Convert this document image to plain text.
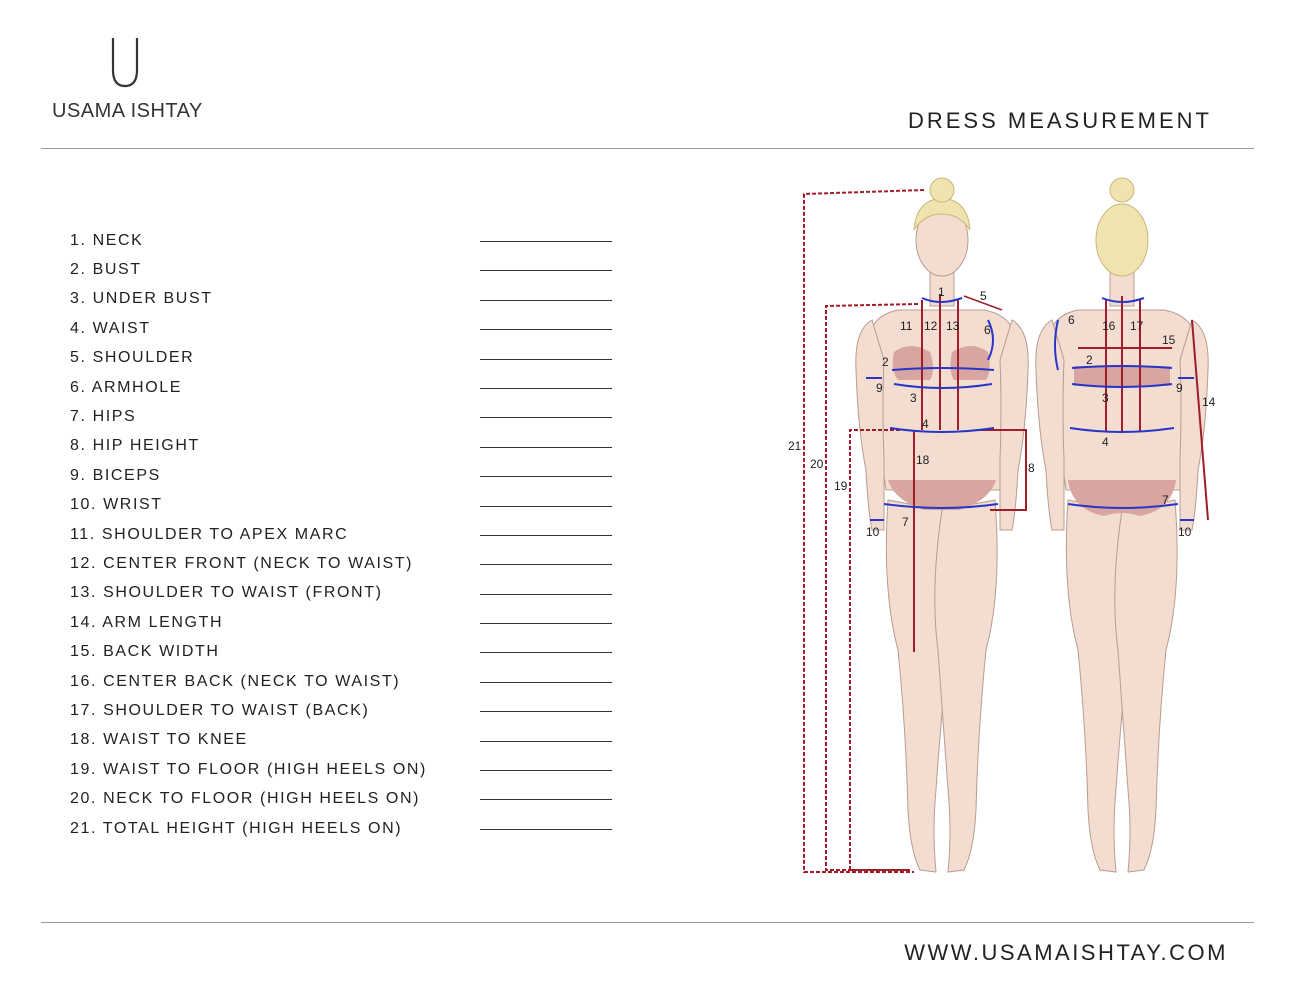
USAMA ISHTAY	DRESS MEASUREMENT
1. NECK
2. BUST
3. UNDER BUST
4. WAIST
5. SHOULDER
6. ARMHOLE
7. HIPS
8. HIP HEIGHT
9. BICEPS
10. WRIST
11. SHOULDER TO APEX MARC
12. CENTER FRONT (NECK TO WAIST)
13. SHOULDER TO WAIST (FRONT)
14. ARM LENGTH
15. BACK WIDTH
16. CENTER BACK (NECK TO WAIST)
17. SHOULDER TO WAIST (BACK)
18. WAIST TO KNEE
19. WAIST TO FLOOR (HIGH HEELS ON)
20. NECK TO FLOOR (HIGH HEELS ON)
21. TOTAL HEIGHT (HIGH HEELS ON)
1
2
3
4
5
6
7
8
9
10
11 12 13
18
19
20
21
2
3
4
6
7
9
10
14
15
16 17
WWW.USAMAISHTAY.COM
